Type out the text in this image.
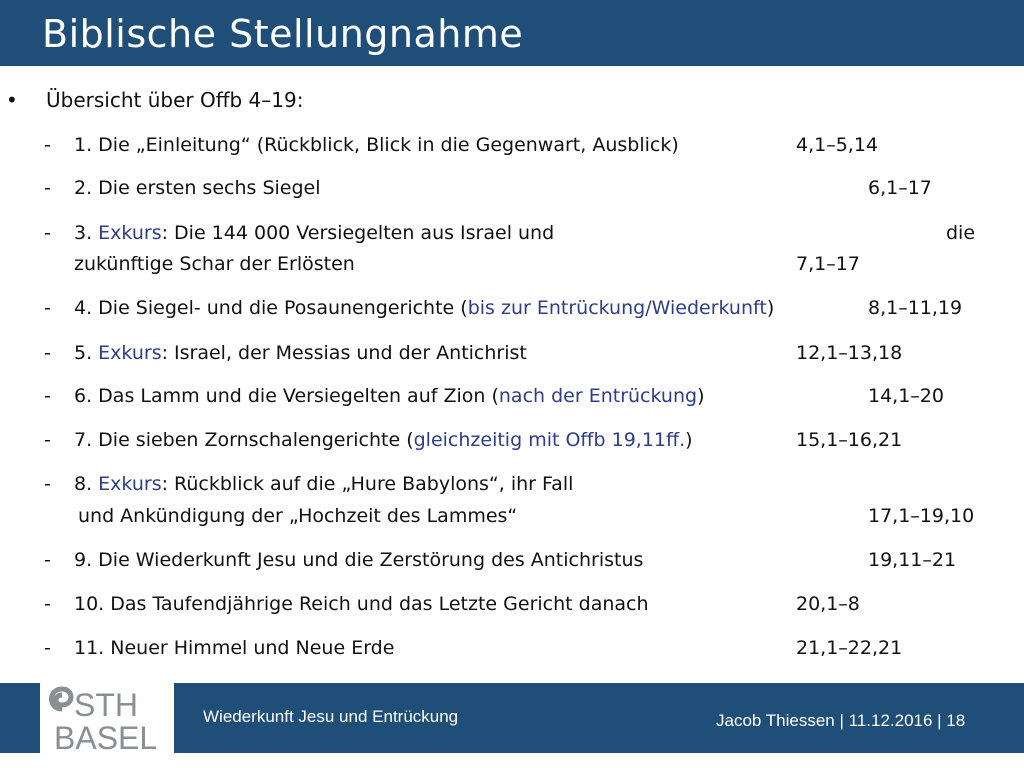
Biblische Stellungnahme
• Übersicht über Offb 4–19:
- 1. Die „Einleitung“ (Rückblick, Blick in die Gegenwart, Ausblick)	4,1–5,14
- 2. Die ersten sechs Siegel	6,1–17
- 3. Exkurs: Die 144 000 Versiegelten aus Israel und	die
zukünftige Schar der Erlösten	7,1–17
- 4. Die Siegel- und die Posaunengerichte (bis zur Entrückung/Wiederkunft)	8,1–11,19
- 5. Exkurs: Israel, der Messias und der Antichrist	12,1–13,18
- 6. Das Lamm und die Versiegelten auf Zion (nach der Entrückung)	14,1–20
- 7. Die sieben Zornschalengerichte (gleichzeitig mit Offb 19,11ff.)	15,1–16,21
- 8. Exkurs: Rückblick auf die „Hure Babylons“, ihr Fall
und Ankündigung der „Hochzeit des Lammes“	17,1–19,10
- 9. Die Wiederkunft Jesu und die Zerstörung des Antichristus	19,11–21
- 10. Das Taufendjährige Reich und das Letzte Gericht danach	20,1–8
- 11. Neuer Himmel und Neue Erde	21,1–22,21
STH
BASEL
Wiederkunft Jesu und Entrückung	Jacob Thiessen | 11.12.2016 | 18
